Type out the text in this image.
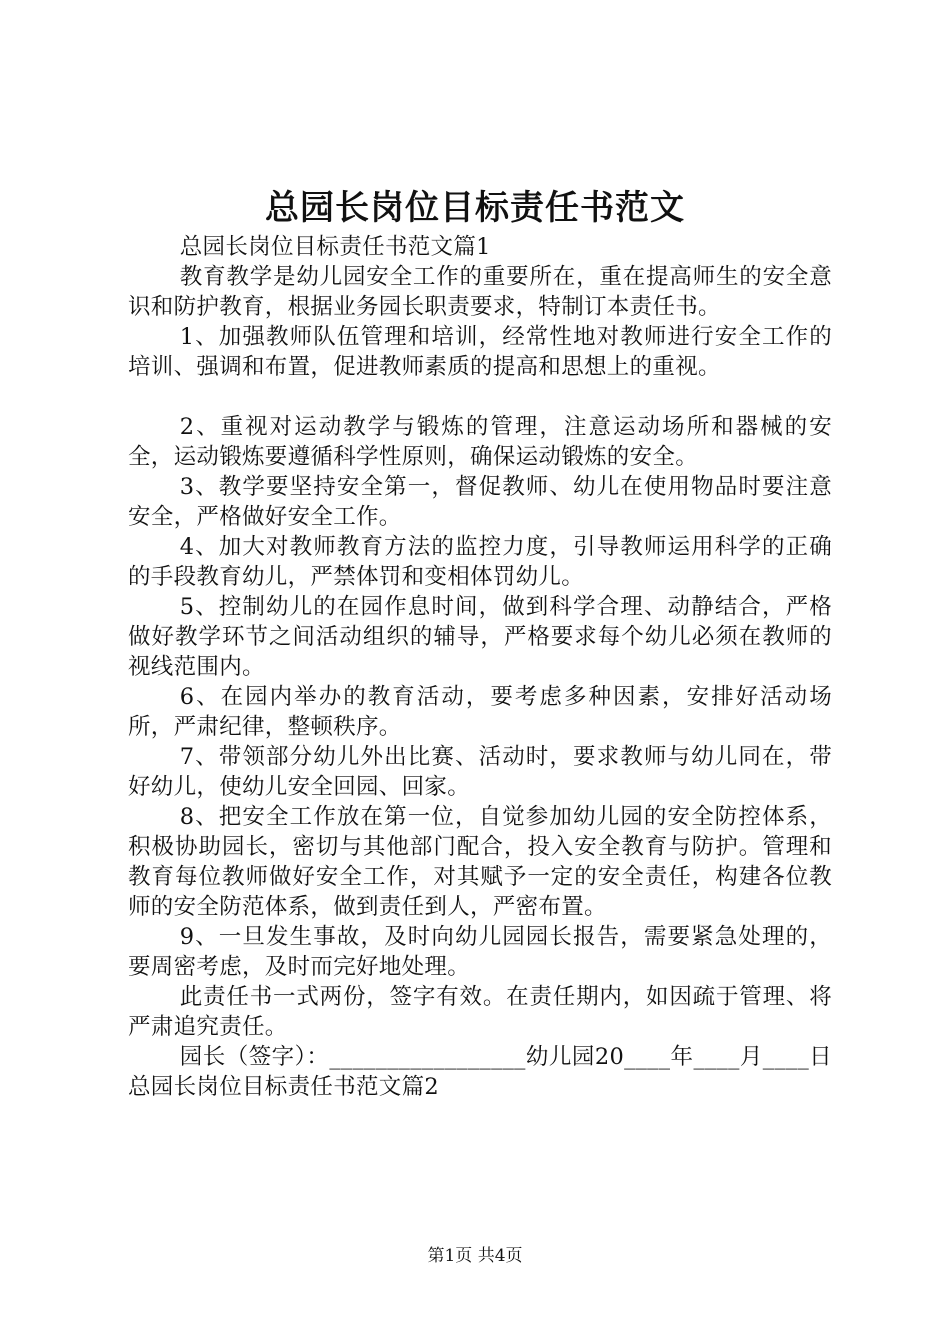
总园长岗位目标责任书范文

总园长岗位目标责任书范文篇1

教育教学是幼儿园安全工作的重要所在，重在提高师生的安全意识和防护教育，根据业务园长职责要求，特制订本责任书。

1、加强教师队伍管理和培训，经常性地对教师进行安全工作的培训、强调和布置，促进教师素质的提高和思想上的重视。

2、重视对运动教学与锻炼的管理，注意运动场所和器械的安全，运动锻炼要遵循科学性原则，确保运动锻炼的安全。

3、教学要坚持安全第一，督促教师、幼儿在使用物品时要注意安全，严格做好安全工作。

4、加大对教师教育方法的监控力度，引导教师运用科学的正确的手段教育幼儿，严禁体罚和变相体罚幼儿。

5、控制幼儿的在园作息时间，做到科学合理、动静结合，严格做好教学环节之间活动组织的辅导，严格要求每个幼儿必须在教师的视线范围内。

6、在园内举办的教育活动，要考虑多种因素，安排好活动场所，严肃纪律，整顿秩序。

7、带领部分幼儿外出比赛、活动时，要求教师与幼儿同在，带好幼儿，使幼儿安全回园、回家。

8、把安全工作放在第一位，自觉参加幼儿园的安全防控体系，积极协助园长，密切与其他部门配合，投入安全教育与防护。管理和教育每位教师做好安全工作，对其赋予一定的安全责任，构建各位教师的安全防范体系，做到责任到人，严密布置。

9、一旦发生事故，及时向幼儿园园长报告，需要紧急处理的，要周密考虑，及时而完好地处理。

此责任书一式两份，签字有效。在责任期内，如因疏于管理、将严肃追究责任。

园长（签字）：_________________幼儿园20____年____月____日总园长岗位目标责任书范文篇2

第1页 共4页
